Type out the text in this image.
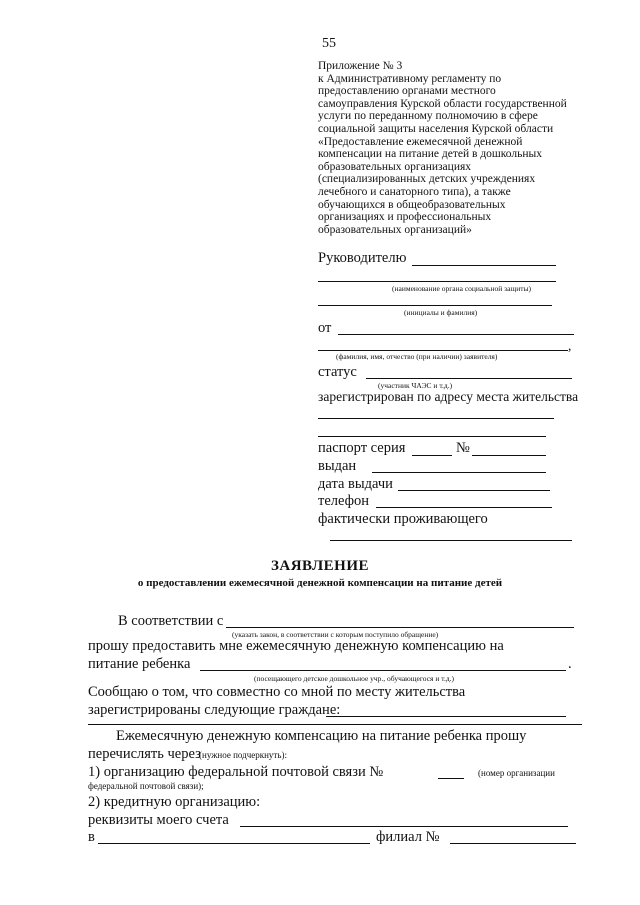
55
Приложение № 3
к Административному регламенту по
предоставлению органами местного
самоуправления Курской области государственной
услуги по переданному полномочию в сфере
социальной защиты населения Курской области
«Предоставление ежемесячной денежной
компенсации на питание детей в дошкольных
образовательных организациях
(специализированных детских учреждениях
лечебного и санаторного типа), а также
обучающихся в общеобразовательных
организациях и профессиональных
образовательных организаций»
Руководителю
(наименование органа социальной защиты)
(инициалы и фамилия)
от
,
(фамилия, имя, отчество (при наличии) заявителя)
статус
(участник ЧАЭС и т.д.)
зарегистрирован по адресу места жительства
паспорт серия	№
выдан
дата выдачи
телефон
фактически проживающего
ЗАЯВЛЕНИЕ
о предоставлении ежемесячной денежной компенсации на питание детей
В соответствии с
(указать закон, в соответствии с которым поступило обращение)
прошу предоставить мне ежемесячную денежную компенсацию на
питание ребенка	.
(посещающего детское дошкольное учр., обучающегося и т.д.)
Сообщаю о том, что совместно со мной по месту жительства
зарегистрированы следующие граждане:
Ежемесячную денежную компенсацию на питание ребенка прошу
перечислять через
(нужное подчеркнуть):
1) организацию федеральной почтовой связи №	(номер организации
федеральной почтовой связи);
2) кредитную организацию:
реквизиты моего счета
в	филиал №
